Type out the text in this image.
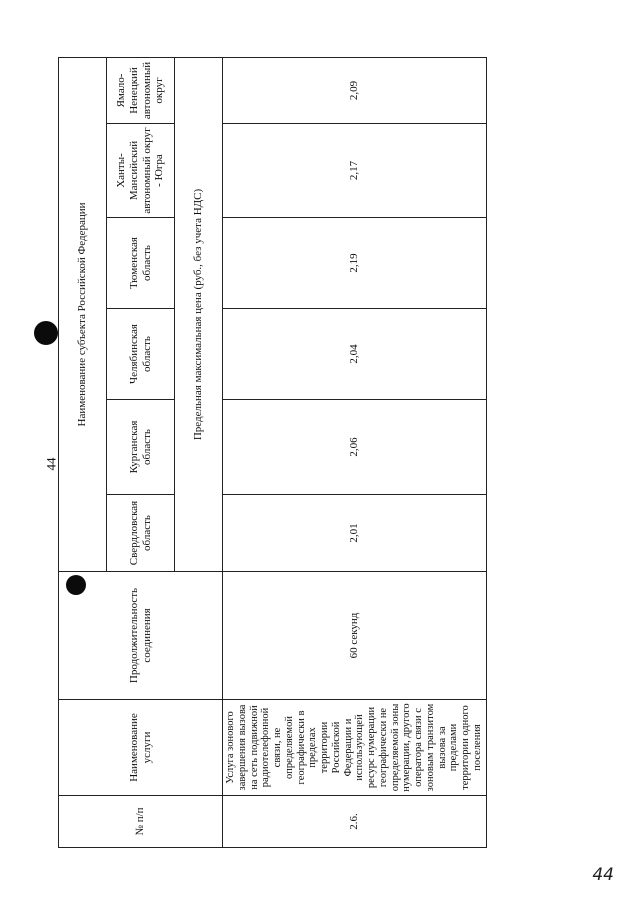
44
№ п/п	Наименование услуги	Продолжительность соединения	Наименование субъекта Российской Федерации					
			Свердловская область	Курганская область	Челябинская область	Тюменская область	Ханты-Мансийский автономный округ - Югра	Ямало-Ненецкий автономный округ
			Предельная максимальная цена (руб., без учета НДС)					
2.6.	Услуга зонового завершения вызова на сеть подвижной радиотелефонной связи, не определяемой географически в пределах территории Российской Федерации и использующей ресурс нумерации географически не определяемой зоны нумерации, другого оператора связи с зоновым транзитом вызова за пределами территории одного поселения	60 секунд	2,01	2,06	2,04	2,19	2,17	2,09
44
